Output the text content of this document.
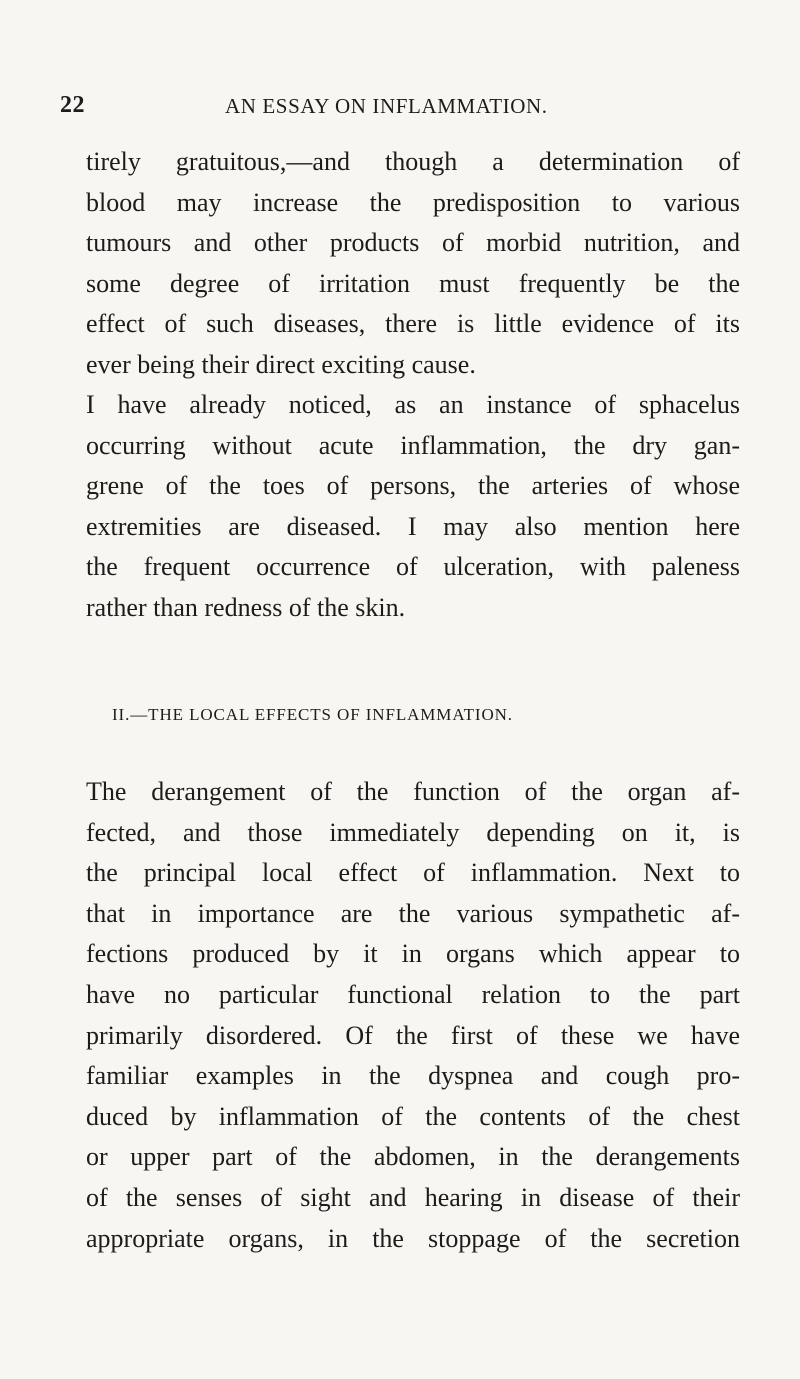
22	AN ESSAY ON INFLAMMATION.

tirely gratuitous,—and though a determination of
blood may increase the predisposition to various
tumours and other products of morbid nutrition, and
some degree of irritation must frequently be the
effect of such diseases, there is little evidence of its
ever being their direct exciting cause.

I have already noticed, as an instance of sphacelus
occurring without acute inflammation, the dry gan-
grene of the toes of persons, the arteries of whose
extremities are diseased. I may also mention here
the frequent occurrence of ulceration, with paleness
rather than redness of the skin.

II.—THE LOCAL EFFECTS OF INFLAMMATION.

The derangement of the function of the organ af-
fected, and those immediately depending on it, is
the principal local effect of inflammation. Next to
that in importance are the various sympathetic af-
fections produced by it in organs which appear to
have no particular functional relation to the part
primarily disordered. Of the first of these we have
familiar examples in the dyspnea and cough pro-
duced by inflammation of the contents of the chest
or upper part of the abdomen, in the derangements
of the senses of sight and hearing in disease of their
appropriate organs, in the stoppage of the secretion
